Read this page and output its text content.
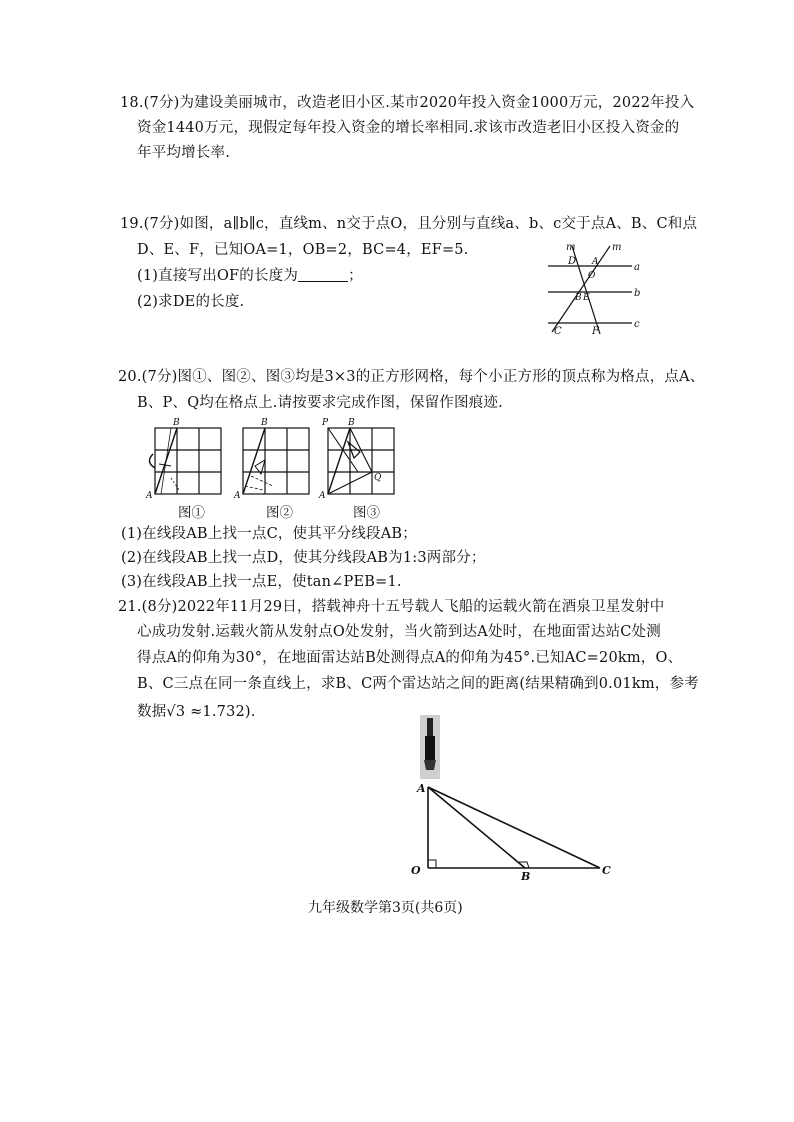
18.(7分)为建设美丽城市，改造老旧小区.某市2020年投入资金1000万元，2022年投入
资金1440万元，现假定每年投入资金的增长率相同.求该市改造老旧小区投入资金的
年平均增长率.
19.(7分)如图，a∥b∥c，直线m、n交于点O，且分别与直线a、b、c交于点A、B、C和点
D、E、F，已知OA=1，OB=2，BC=4，EF=5.
(1)直接写出OF的长度为	；
(2)求DE的长度.
m	m
a
b
c
D A
O
B E
C	F
20.(7分)图①、图②、图③均是3×3的正方形网格，每个小正方形的顶点称为格点，点A、
B、P、Q均在格点上.请按要求完成作图，保留作图痕迹.
B
A
B
A
P B
Q
A
图①	图②	图③
(1)在线段AB上找一点C，使其平分线段AB；
(2)在线段AB上找一点D，使其分线段AB为1:3两部分；
(3)在线段AB上找一点E，使tan∠PEB=1.
21.(8分)2022年11月29日，搭载神舟十五号载人飞船的运载火箭在酒泉卫星发射中
心成功发射.运载火箭从发射点O处发射，当火箭到达A处时，在地面雷达站C处测
得点A的仰角为30°，在地面雷达站B处测得点A的仰角为45°.已知AC=20km，O、
B、C三点在同一条直线上，求B、C两个雷达站之间的距离(结果精确到0.01km，参考
数据√3 ≈1.732).
A
O	B	C
九年级数学第3页(共6页)
